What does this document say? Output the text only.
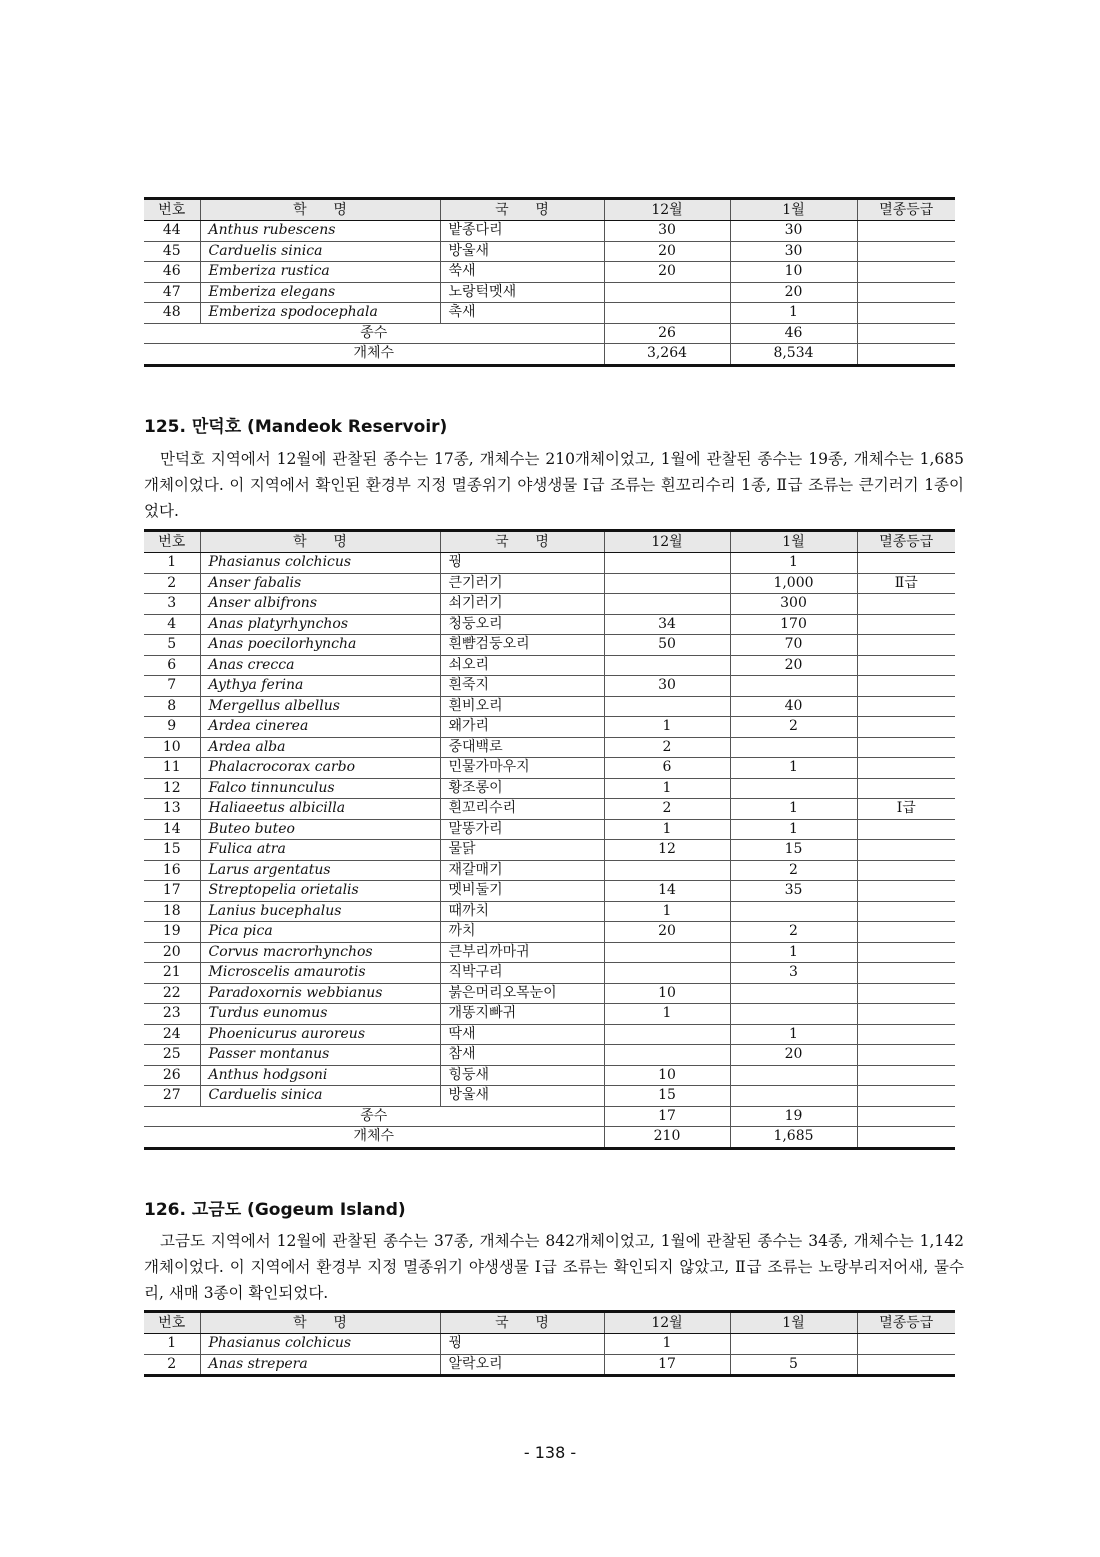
번호	학      명	국      명	12월	1월	멸종등급
44	Anthus rubescens	밭종다리	30	30	
45	Carduelis sinica	방울새	20	30	
46	Emberiza rustica	쑥새	20	10	
47	Emberiza elegans	노랑턱멧새		20	
48	Emberiza spodocephala	촉새		1	
종수			26	46	
개체수			3,264	8,534	
125. 만덕호 (Mandeok Reservoir)

만덕호 지역에서 12월에 관찰된 종수는 17종, 개체수는 210개체이었고, 1월에 관찰된 종수는 19종, 개체수는 1,685개체이었다. 이 지역에서 확인된 환경부 지정 멸종위기 야생생물 Ⅰ급 조류는 흰꼬리수리 1종, Ⅱ급 조류는 큰기러기 1종이었다.

번호	학      명	국      명	12월	1월	멸종등급
1	Phasianus colchicus	꿩		1	
2	Anser fabalis	큰기러기		1,000	Ⅱ급
3	Anser albifrons	쇠기러기		300	
4	Anas platyrhynchos	청둥오리	34	170	
5	Anas poecilorhyncha	흰뺨검둥오리	50	70	
6	Anas crecca	쇠오리		20	
7	Aythya ferina	흰죽지	30		
8	Mergellus albellus	흰비오리		40	
9	Ardea cinerea	왜가리	1	2	
10	Ardea alba	중대백로	2		
11	Phalacrocorax carbo	민물가마우지	6	1	
12	Falco tinnunculus	황조롱이	1		
13	Haliaeetus albicilla	흰꼬리수리	2	1	Ⅰ급
14	Buteo buteo	말똥가리	1	1	
15	Fulica atra	물닭	12	15	
16	Larus argentatus	재갈매기		2	
17	Streptopelia orietalis	멧비둘기	14	35	
18	Lanius bucephalus	때까치	1		
19	Pica pica	까치	20	2	
20	Corvus macrorhynchos	큰부리까마귀		1	
21	Microscelis amaurotis	직박구리		3	
22	Paradoxornis webbianus	붉은머리오목눈이	10		
23	Turdus eunomus	개똥지빠귀	1		
24	Phoenicurus auroreus	딱새		1	
25	Passer montanus	참새		20	
26	Anthus hodgsoni	힝둥새	10		
27	Carduelis sinica	방울새	15		
종수			17	19	
개체수			210	1,685	
126. 고금도 (Gogeum Island)

고금도 지역에서 12월에 관찰된 종수는 37종, 개체수는 842개체이었고, 1월에 관찰된 종수는 34종, 개체수는 1,142개체이었다. 이 지역에서 환경부 지정 멸종위기 야생생물 Ⅰ급 조류는 확인되지 않았고, Ⅱ급 조류는 노랑부리저어새, 물수리, 새매 3종이 확인되었다.

번호	학      명	국      명	12월	1월	멸종등급
1	Phasianus colchicus	꿩	1		
2	Anas strepera	알락오리	17	5	
- 138 -
